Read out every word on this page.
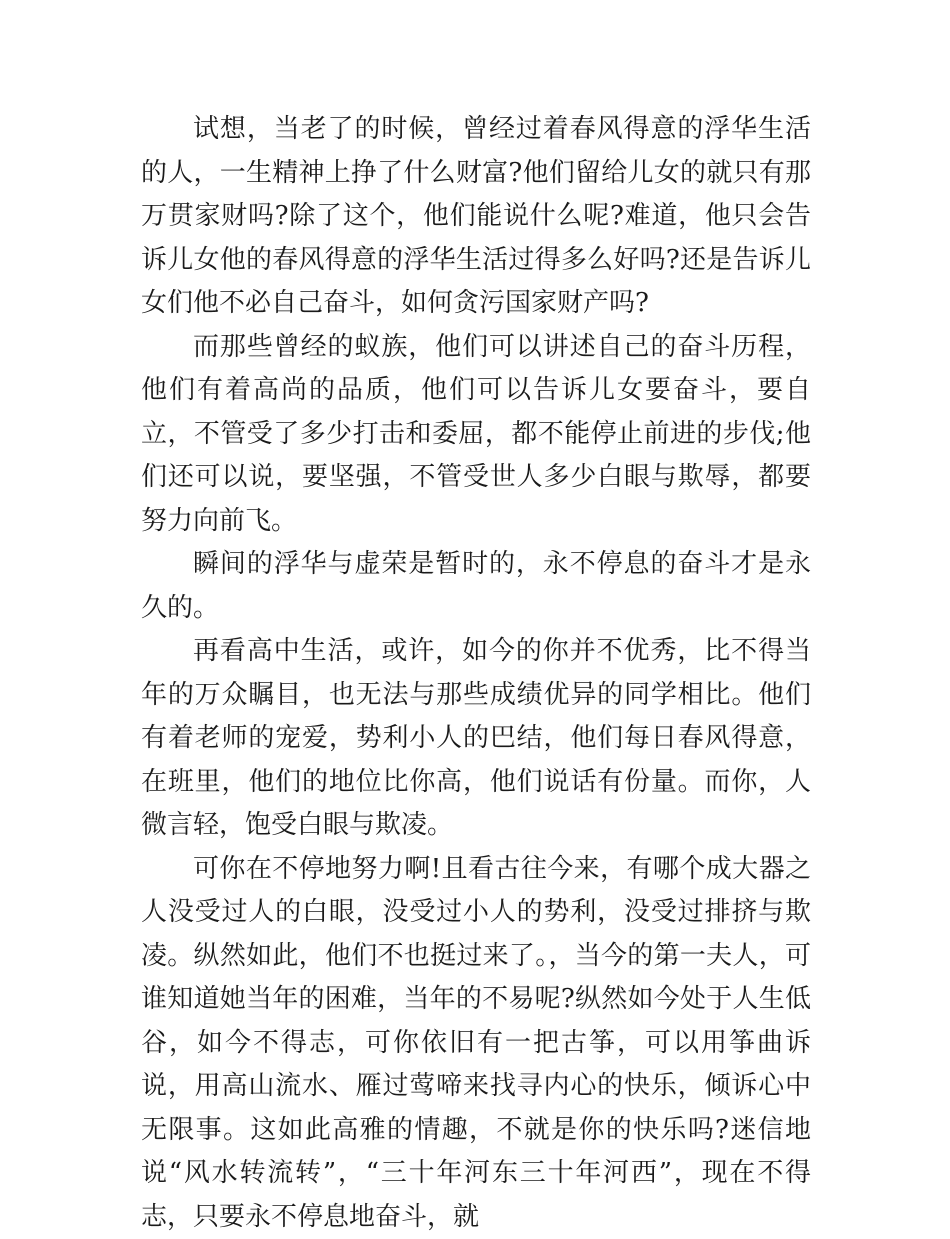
试想，当老了的时候，曾经过着春风得意的浮华生活的人，一生精神上挣了什么财富?他们留给儿女的就只有那万贯家财吗?除了这个，他们能说什么呢?难道，他只会告诉儿女他的春风得意的浮华生活过得多么好吗?还是告诉儿女们他不必自己奋斗，如何贪污国家财产吗?

而那些曾经的蚁族，他们可以讲述自己的奋斗历程，他们有着高尚的品质，他们可以告诉儿女要奋斗，要自立，不管受了多少打击和委屈，都不能停止前进的步伐;他们还可以说，要坚强，不管受世人多少白眼与欺辱，都要努力向前飞。

瞬间的浮华与虚荣是暂时的，永不停息的奋斗才是永久的。

再看高中生活，或许，如今的你并不优秀，比不得当年的万众瞩目，也无法与那些成绩优异的同学相比。他们有着老师的宠爱，势利小人的巴结，他们每日春风得意，在班里，他们的地位比你高，他们说话有份量。而你，人微言轻，饱受白眼与欺凌。

可你在不停地努力啊!且看古往今来，有哪个成大器之人没受过人的白眼，没受过小人的势利，没受过排挤与欺凌。纵然如此，他们不也挺过来了。，当今的第一夫人，可谁知道她当年的困难，当年的不易呢?纵然如今处于人生低谷，如今不得志，可你依旧有一把古筝，可以用筝曲诉说，用高山流水、雁过莺啼来找寻内心的快乐，倾诉心中无限事。这如此高雅的情趣，不就是你的快乐吗?迷信地说“风水转流转”，“三十年河东三十年河西”，现在不得志，只要永不停息地奋斗，就
